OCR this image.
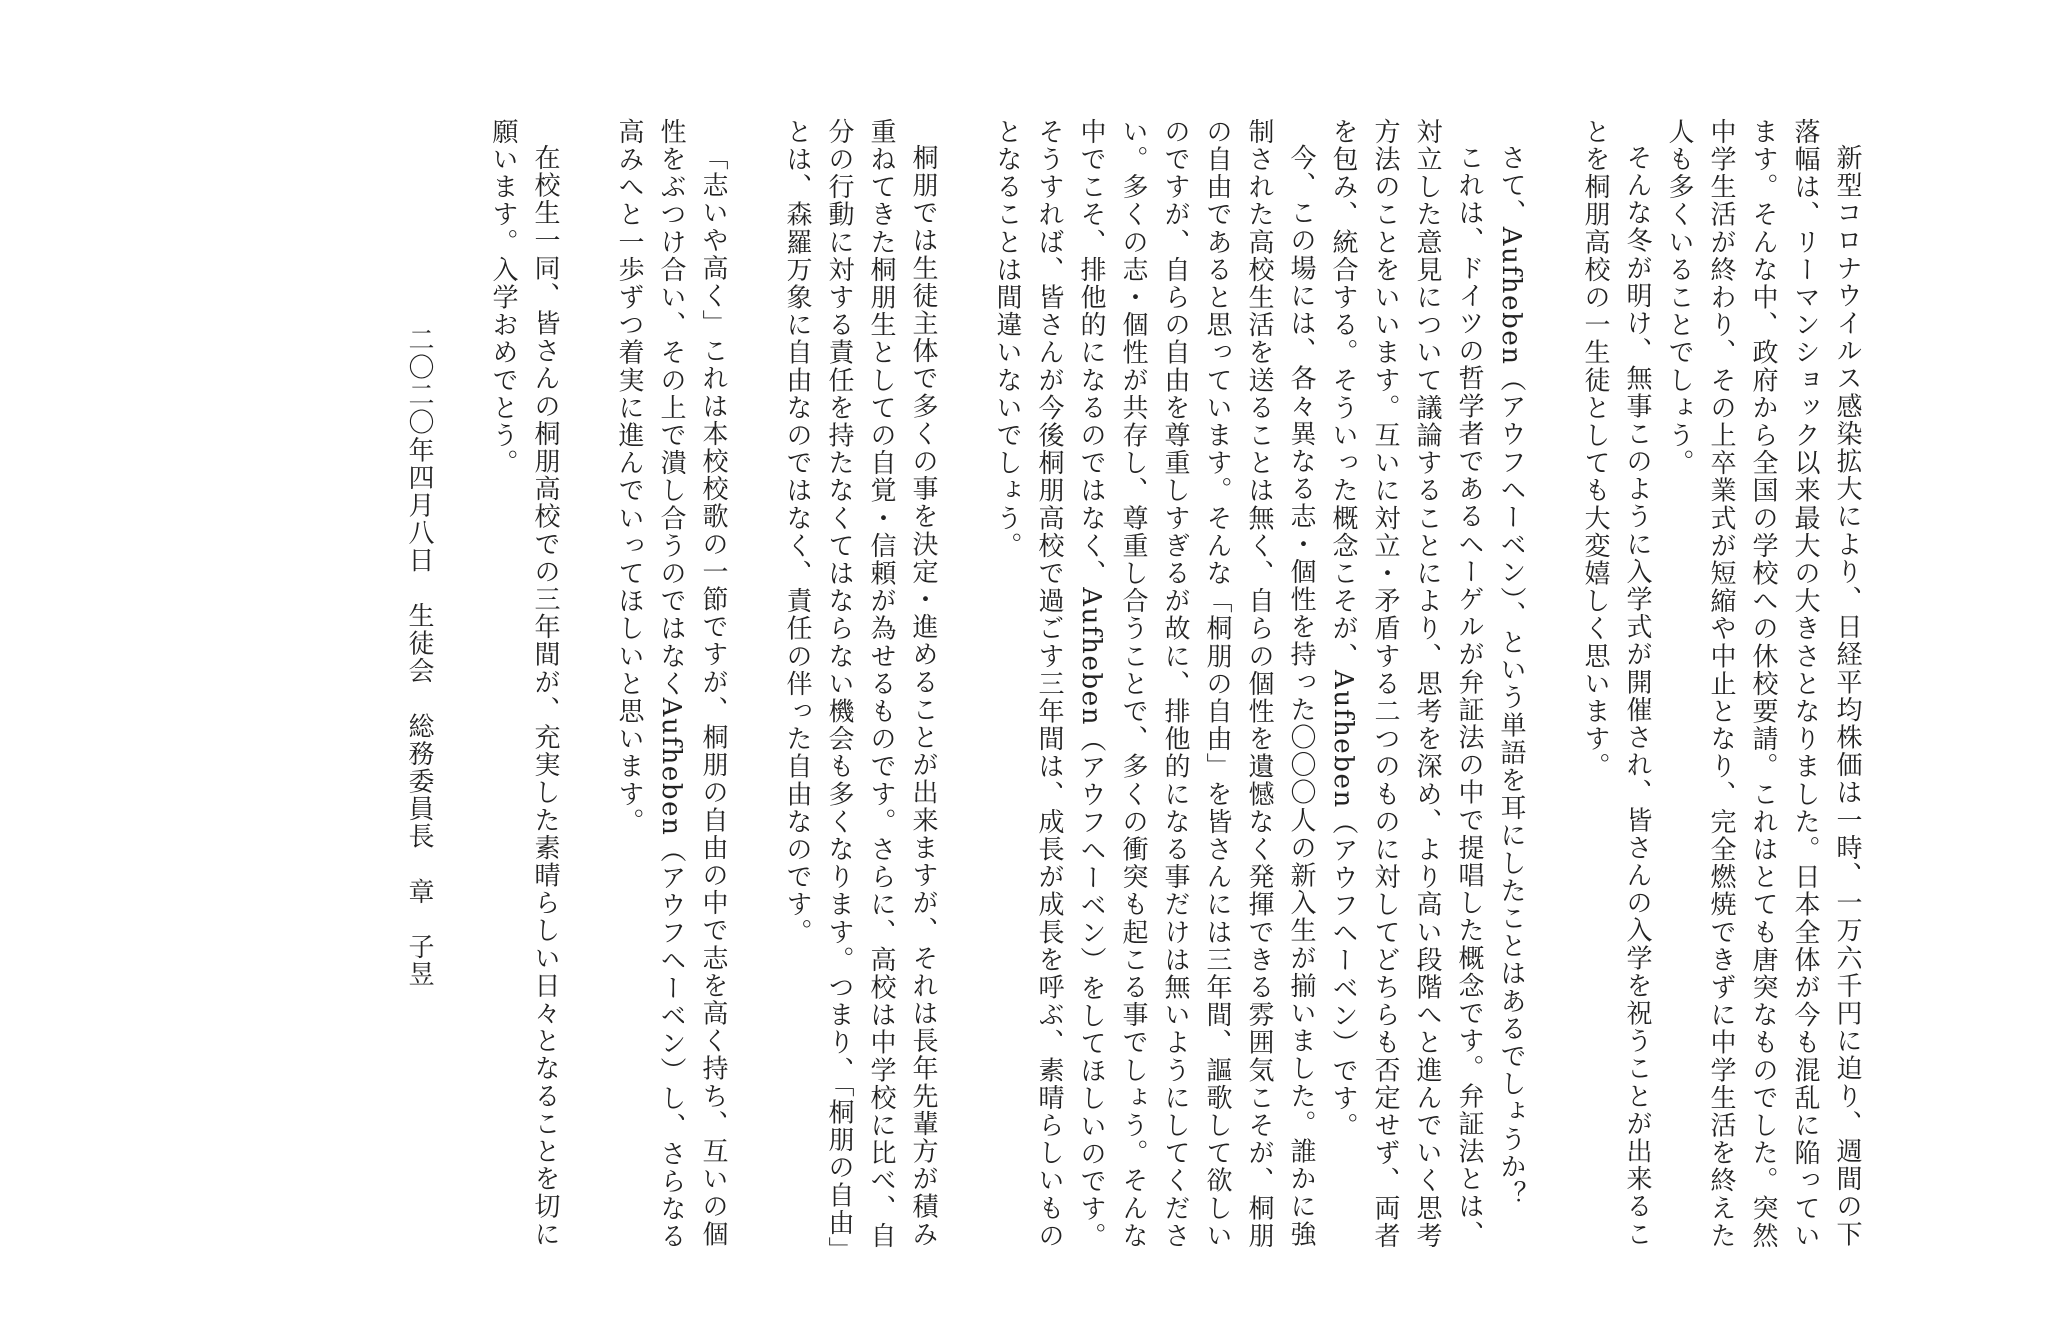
新型コロナウイルス感染拡大により、日経平均株価は一時、一万六千円に迫り、週間の下落幅は、リーマンショック以来最大の大きさとなりました。日本全体が今も混乱に陥っています。そんな中、政府から全国の学校への休校要請。これはとても唐突なものでした。突然中学生活が終わり、その上卒業式が短縮や中止となり、完全燃焼できずに中学生活を終えた人も多くいることでしょう。

そんな冬が明け、無事このように入学式が開催され、皆さんの入学を祝うことが出来ることを桐朋高校の一生徒としても大変嬉しく思います。

さて、Aufheben（アウフヘーベン）、という単語を耳にしたことはあるでしょうか？

これは、ドイツの哲学者であるヘーゲルが弁証法の中で提唱した概念です。弁証法とは、対立した意見について議論することにより、思考を深め、より高い段階へと進んでいく思考方法のことをいいます。互いに対立・矛盾する二つのものに対してどちらも否定せず、両者を包み、統合する。そういった概念こそが、Aufheben（アウフヘーベン）です。

今、この場には、各々異なる志・個性を持った〇〇〇人の新入生が揃いました。誰かに強制された高校生活を送ることは無く、自らの個性を遺憾なく発揮できる雰囲気こそが、桐朋の自由であると思っています。そんな「桐朋の自由」を皆さんには三年間、謳歌して欲しいのですが、自らの自由を尊重しすぎるが故に、排他的になる事だけは無いようにしてください。多くの志・個性が共存し、尊重し合うことで、多くの衝突も起こる事でしょう。そんな中でこそ、排他的になるのではなく、Aufheben（アウフヘーベン）をしてほしいのです。そうすれば、皆さんが今後桐朋高校で過ごす三年間は、成長が成長を呼ぶ、素晴らしいものとなることは間違いないでしょう。

桐朋では生徒主体で多くの事を決定・進めることが出来ますが、それは長年先輩方が積み重ねてきた桐朋生としての自覚・信頼が為せるものです。さらに、高校は中学校に比べ、自分の行動に対する責任を持たなくてはならない機会も多くなります。つまり、「桐朋の自由」とは、森羅万象に自由なのではなく、責任の伴った自由なのです。

「志いや高く」これは本校校歌の一節ですが、桐朋の自由の中で志を高く持ち、互いの個性をぶつけ合い、その上で潰し合うのではなくAufheben（アウフヘーベン）し、さらなる高みへと一歩ずつ着実に進んでいってほしいと思います。

在校生一同、皆さんの桐朋高校での三年間が、充実した素晴らしい日々となることを切に願います。入学おめでとう。

二〇二〇年四月八日　生徒会　総務委員長　章　子昱
